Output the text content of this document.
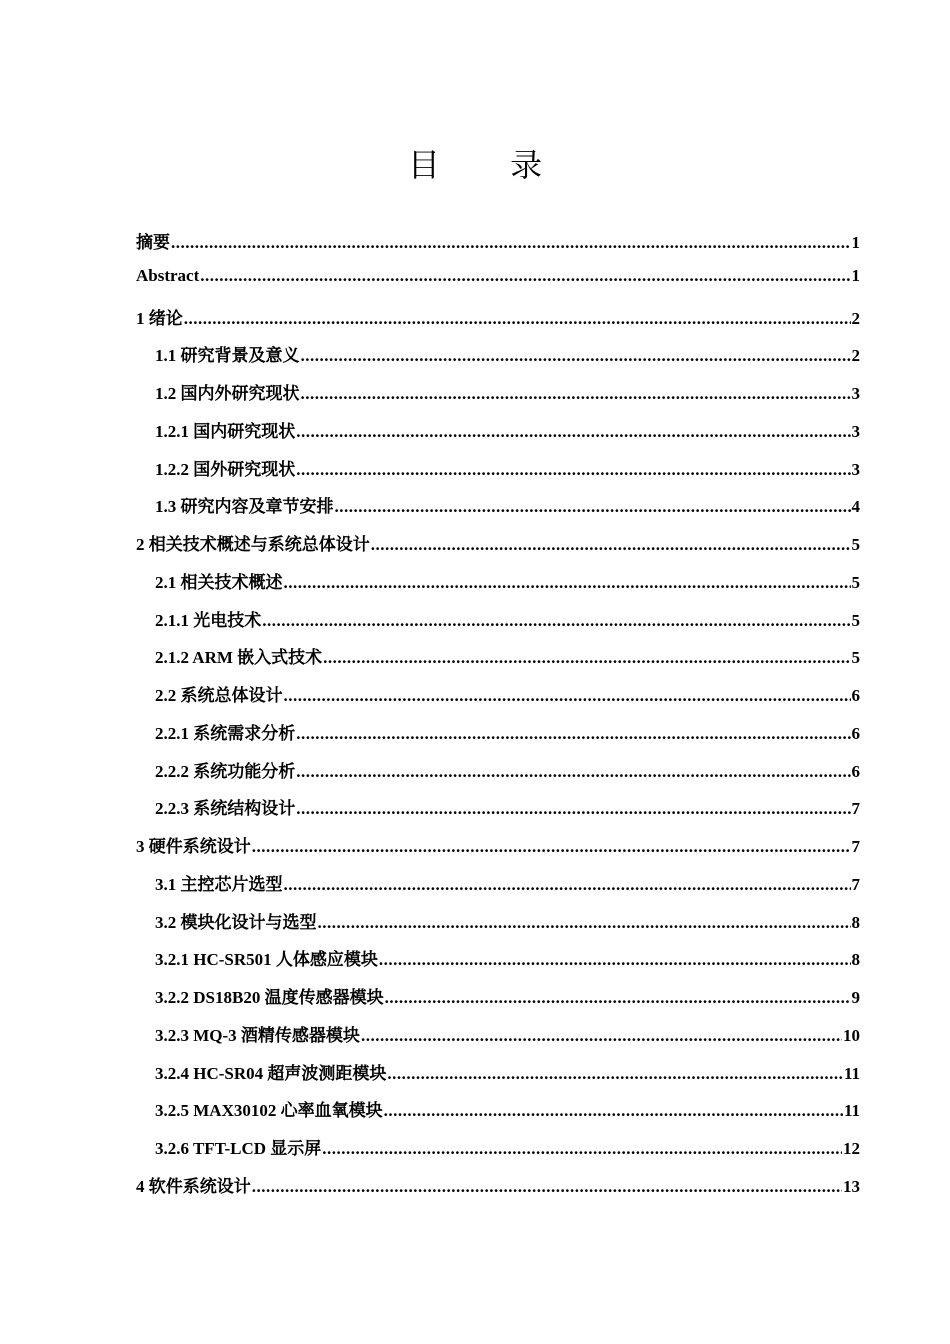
目 录
摘要 .....	1
Abstract .....	1
1 绪论 .....	2
1.1 研究背景及意义 .....	2
1.2 国内外研究现状 .....	3
1.2.1 国内研究现状 .....	3
1.2.2 国外研究现状 .....	3
1.3 研究内容及章节安排 .....	4
2 相关技术概述与系统总体设计 .....	5
2.1 相关技术概述 .....	5
2.1.1 光电技术 .....	5
2.1.2 ARM 嵌入式技术 .....	5
2.2 系统总体设计 .....	6
2.2.1 系统需求分析 .....	6
2.2.2 系统功能分析 .....	6
2.2.3 系统结构设计 .....	7
3 硬件系统设计 .....	7
3.1 主控芯片选型 .....	7
3.2 模块化设计与选型 .....	8
3.2.1 HC-SR501 人体感应模块 .....	8
3.2.2 DS18B20 温度传感器模块 .....	9
3.2.3 MQ-3 酒精传感器模块 .....	10
3.2.4 HC-SR04 超声波测距模块 .....	11
3.2.5 MAX30102 心率血氧模块 .....	11
3.2.6 TFT-LCD 显示屏 .....	12
4 软件系统设计 .....	13
